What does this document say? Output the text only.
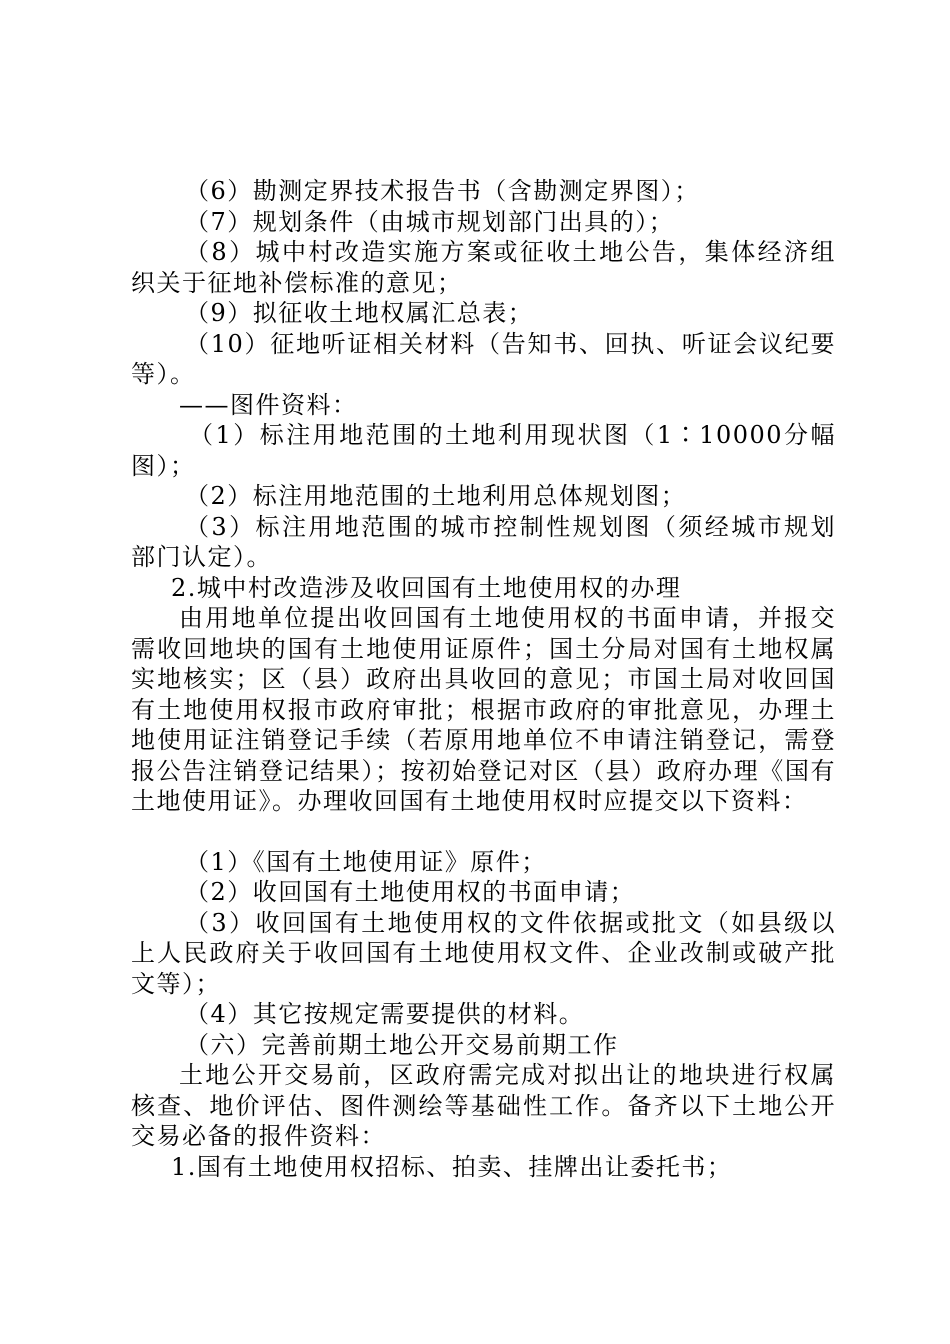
（6）勘测定界技术报告书（含勘测定界图）；

（7）规划条件（由城市规划部门出具的）；

（8）城中村改造实施方案或征收土地公告，集体经济组织关于征地补偿标准的意见；

（9）拟征收土地权属汇总表；

（10）征地听证相关材料（告知书、回执、听证会议纪要等）。

——图件资料：

（1）标注用地范围的土地利用现状图（1∶10000分幅图）；

（2）标注用地范围的土地利用总体规划图；

（3）标注用地范围的城市控制性规划图（须经城市规划部门认定）。

2.城中村改造涉及收回国有土地使用权的办理

由用地单位提出收回国有土地使用权的书面申请，并报交需收回地块的国有土地使用证原件；国土分局对国有土地权属实地核实；区（县）政府出具收回的意见；市国土局对收回国有土地使用权报市政府审批；根据市政府的审批意见，办理土地使用证注销登记手续（若原用地单位不申请注销登记，需登报公告注销登记结果）；按初始登记对区（县）政府办理《国有土地使用证》。办理收回国有土地使用权时应提交以下资料：

（1）《国有土地使用证》原件；

（2）收回国有土地使用权的书面申请；

（3）收回国有土地使用权的文件依据或批文（如县级以上人民政府关于收回国有土地使用权文件、企业改制或破产批文等）；

（4）其它按规定需要提供的材料。

（六）完善前期土地公开交易前期工作

土地公开交易前，区政府需完成对拟出让的地块进行权属核查、地价评估、图件测绘等基础性工作。备齐以下土地公开交易必备的报件资料：

1.国有土地使用权招标、拍卖、挂牌出让委托书；
